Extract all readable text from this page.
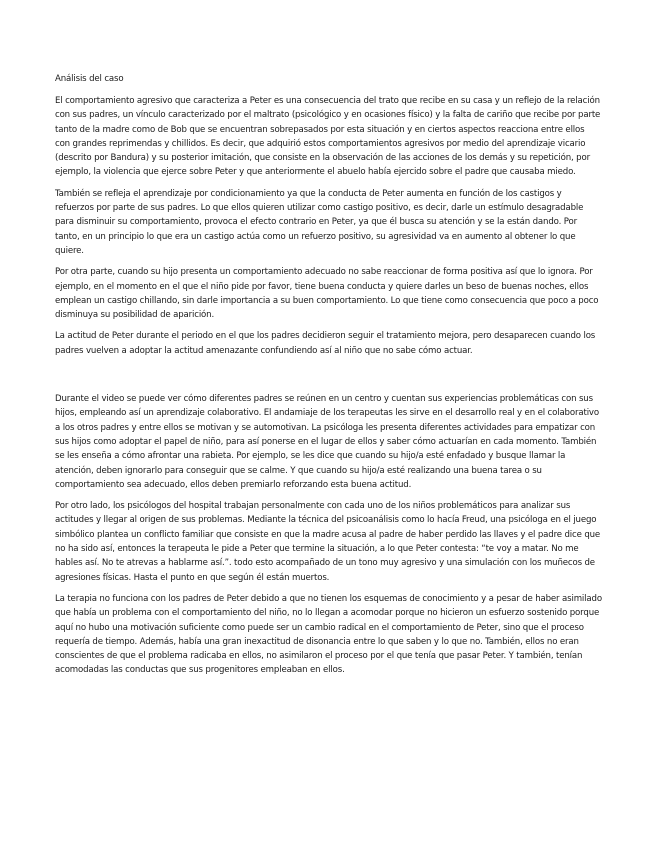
Análisis del caso

El comportamiento agresivo que caracteriza a Peter es una consecuencia del trato que recibe en su casa y un reflejo de la relación con sus padres, un vínculo caracterizado por el maltrato (psicológico y en ocasiones físico) y la falta de cariño que recibe por parte tanto de la madre como de Bob que se encuentran sobrepasados por esta situación y en ciertos aspectos reacciona entre ellos con grandes reprimendas y chillidos. Es decir, que adquirió estos comportamientos agresivos por medio del aprendizaje vicario (descrito por Bandura) y su posterior imitación, que consiste en la observación de las acciones de los demás y su repetición, por ejemplo, la violencia que ejerce sobre Peter y que anteriormente el abuelo había ejercido sobre el padre que causaba miedo.

También se refleja el aprendizaje por condicionamiento ya que la conducta de Peter aumenta en función de los castigos y refuerzos por parte de sus padres. Lo que ellos quieren utilizar como castigo positivo, es decir, darle un estímulo desagradable para disminuir su comportamiento, provoca el efecto contrario en Peter, ya que él busca su atención y se la están dando. Por tanto, en un principio lo que era un castigo actúa como un refuerzo positivo, su agresividad va en aumento al obtener lo que quiere.

Por otra parte, cuando su hijo presenta un comportamiento adecuado no sabe reaccionar de forma positiva así que lo ignora. Por ejemplo, en el momento en el que el niño pide por favor, tiene buena conducta y quiere darles un beso de buenas noches, ellos emplean un castigo chillando, sin darle importancia a su buen comportamiento. Lo que tiene como consecuencia que poco a poco disminuya su posibilidad de aparición.

La actitud de Peter durante el periodo en el que los padres decidieron seguir el tratamiento mejora, pero desaparecen cuando los padres vuelven a adoptar la actitud amenazante confundiendo así al niño que no sabe cómo actuar.

Durante el video se puede ver cómo diferentes padres se reúnen en un centro y cuentan sus experiencias problemáticas con sus hijos, empleando así un aprendizaje colaborativo. El andamiaje de los terapeutas les sirve en el desarrollo real y en el colaborativo a los otros padres y entre ellos se motivan y se automotivan. La psicóloga les presenta diferentes actividades para empatizar con sus hijos como adoptar el papel de niño, para así ponerse en el lugar de ellos y saber cómo actuarían en cada momento. También se les enseña a cómo afrontar una rabieta. Por ejemplo, se les dice que cuando su hijo/a esté enfadado y busque llamar la atención, deben ignorarlo para conseguir que se calme. Y que cuando su hijo/a esté realizando una buena tarea o su comportamiento sea adecuado, ellos deben premiarlo reforzando esta buena actitud.

Por otro lado, los psicólogos del hospital trabajan personalmente con cada uno de los niños problemáticos para analizar sus actitudes y llegar al origen de sus problemas. Mediante la técnica del psicoanálisis como lo hacía Freud, una psicóloga en el juego simbólico plantea un conflicto familiar que consiste en que la madre acusa al padre de haber perdido las llaves y el padre dice que no ha sido así, entonces la terapeuta le pide a Peter que termine la situación, a lo que Peter contesta: “te voy a matar. No me hables así. No te atrevas a hablarme así.”. todo esto acompañado de un tono muy agresivo y una simulación con los muñecos de agresiones físicas. Hasta el punto en que según él están muertos.

La terapia no funciona con los padres de Peter debido a que no tienen los esquemas de conocimiento y a pesar de haber asimilado que había un problema con el comportamiento del niño, no lo llegan a acomodar porque no hicieron un esfuerzo sostenido porque aquí no hubo una motivación suficiente como puede ser un cambio radical en el comportamiento de Peter, sino que el proceso requería de tiempo. Además, había una gran inexactitud de disonancia entre lo que saben y lo que no. También, ellos no eran conscientes de que el problema radicaba en ellos, no asimilaron el proceso por el que tenía que pasar Peter. Y también, tenían acomodadas las conductas que sus progenitores empleaban en ellos.
